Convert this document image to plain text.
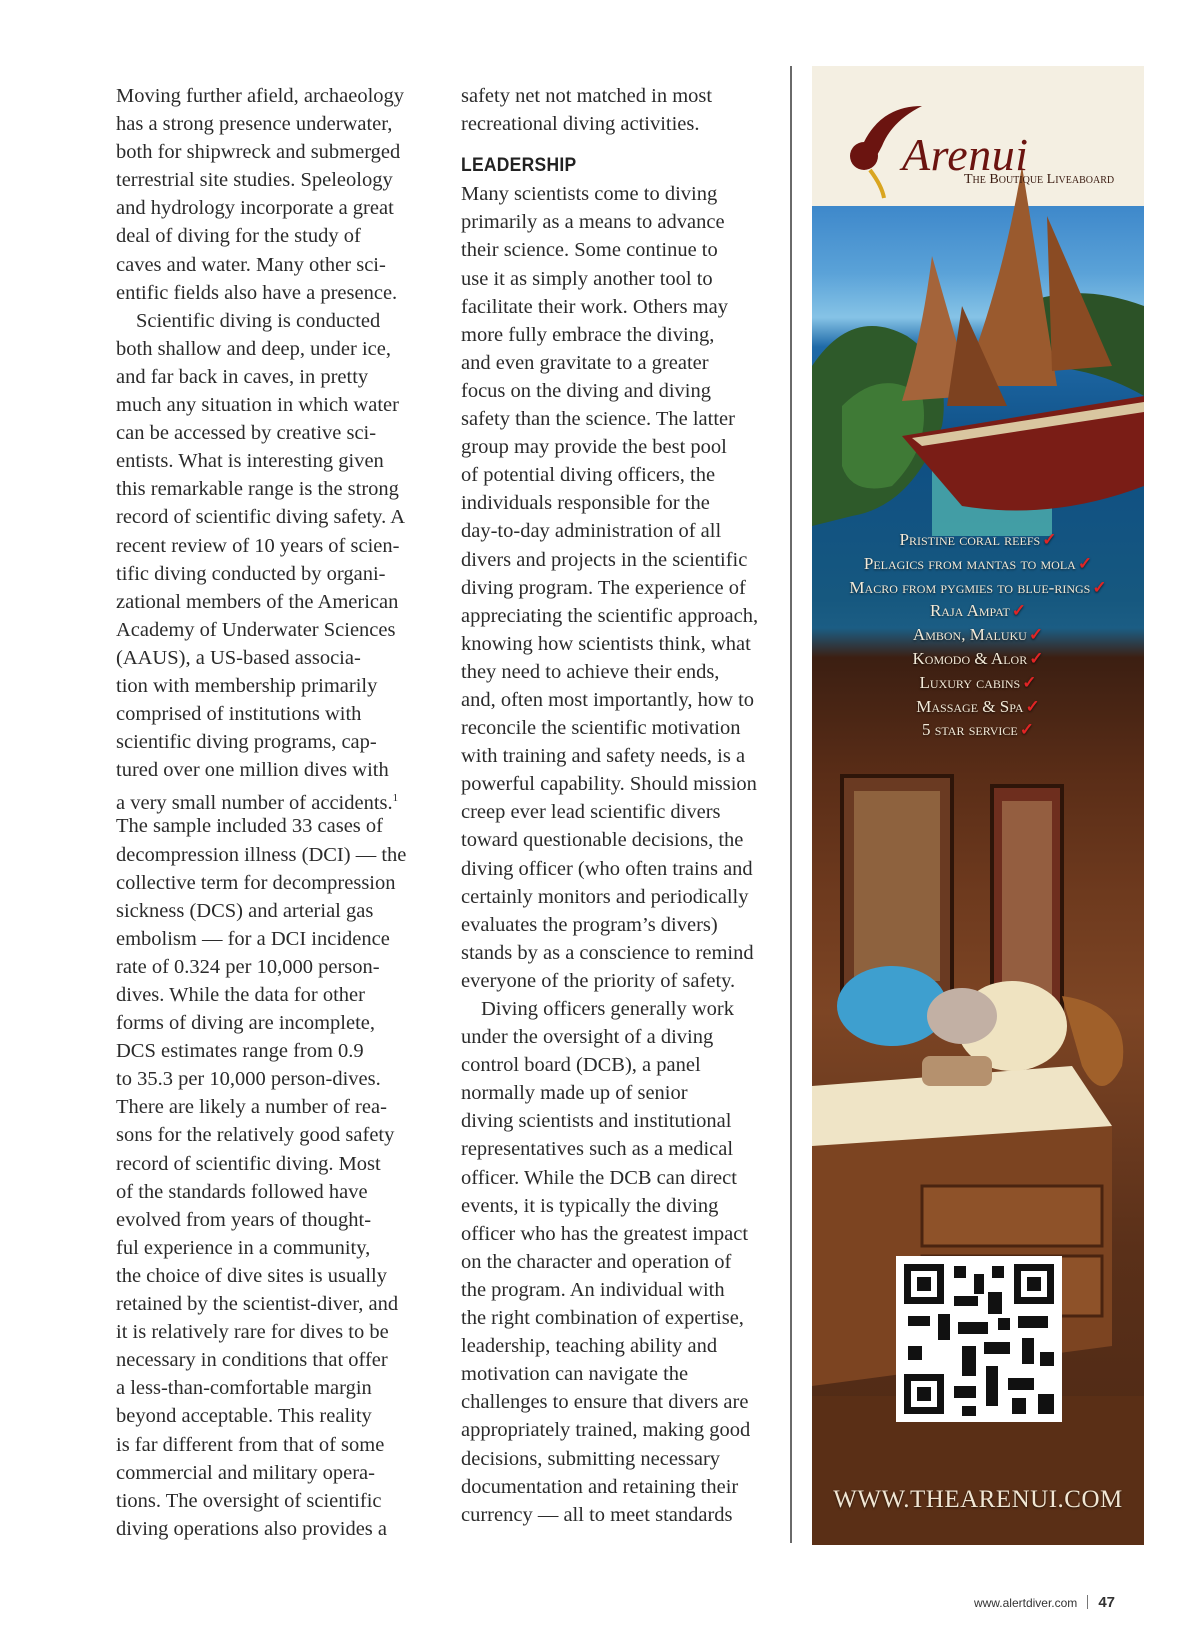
Moving further afield, archaeology
has a strong presence underwater,
both for shipwreck and submerged
terrestrial site studies. Speleology
and hydrology incorporate a great
deal of diving for the study of
caves and water. Many other sci-
entific fields also have a presence.
Scientific diving is conducted
both shallow and deep, under ice,
and far back in caves, in pretty
much any situation in which water
can be accessed by creative sci-
entists. What is interesting given
this remarkable range is the strong
record of scientific diving safety. A
recent review of 10 years of scien-
tific diving conducted by organi-
zational members of the American
Academy of Underwater Sciences
(AAUS), a US-based associa-
tion with membership primarily
comprised of institutions with
scientific diving programs, cap-
tured over one million dives with
a very small number of accidents.$^1$
The sample included 33 cases of
decompression illness (DCI) — the
collective term for decompression
sickness (DCS) and arterial gas
embolism — for a DCI incidence
rate of 0.324 per 10,000 person-
dives. While the data for other
forms of diving are incomplete,
DCS estimates range from 0.9
to 35.3 per 10,000 person-dives.
There are likely a number of rea-
sons for the relatively good safety
record of scientific diving. Most
of the standards followed have
evolved from years of thought-
ful experience in a community,
the choice of dive sites is usually
retained by the scientist-diver, and
it is relatively rare for dives to be
necessary in conditions that offer
a less-than-comfortable margin
beyond acceptable. This reality
is far different from that of some
commercial and military opera-
tions. The oversight of scientific
diving operations also provides a
safety net not matched in most
recreational diving activities.
LEADERSHIP
Many scientists come to diving
primarily as a means to advance
their science. Some continue to
use it as simply another tool to
facilitate their work. Others may
more fully embrace the diving,
and even gravitate to a greater
focus on the diving and diving
safety than the science. The latter
group may provide the best pool
of potential diving officers, the
individuals responsible for the
day-to-day administration of all
divers and projects in the scientific
diving program. The experience of
appreciating the scientific approach,
knowing how scientists think, what
they need to achieve their ends,
and, often most importantly, how to
reconcile the scientific motivation
with training and safety needs, is a
powerful capability. Should mission
creep ever lead scientific divers
toward questionable decisions, the
diving officer (who often trains and
certainly monitors and periodically
evaluates the program’s divers)
stands by as a conscience to remind
everyone of the priority of safety.
Diving officers generally work
under the oversight of a diving
control board (DCB), a panel
normally made up of senior
diving scientists and institutional
representatives such as a medical
officer. While the DCB can direct
events, it is typically the diving
officer who has the greatest impact
on the character and operation of
the program. An individual with
the right combination of expertise,
leadership, teaching ability and
motivation can navigate the
challenges to ensure that divers are
appropriately trained, making good
decisions, submitting necessary
documentation and retaining their
currency — all to meet standards
Arenui
The Boutique Liveaboard
Pristine coral reefs ✓
Pelagics from mantas to mola ✓
Macro from pygmies to blue-rings ✓
Raja Ampat ✓
Ambon, Maluku ✓
Komodo & Alor ✓
Luxury cabins ✓
Massage & Spa ✓
5 star service ✓
WWW.THEARENUI.COM
www.alertdiver.com 47
